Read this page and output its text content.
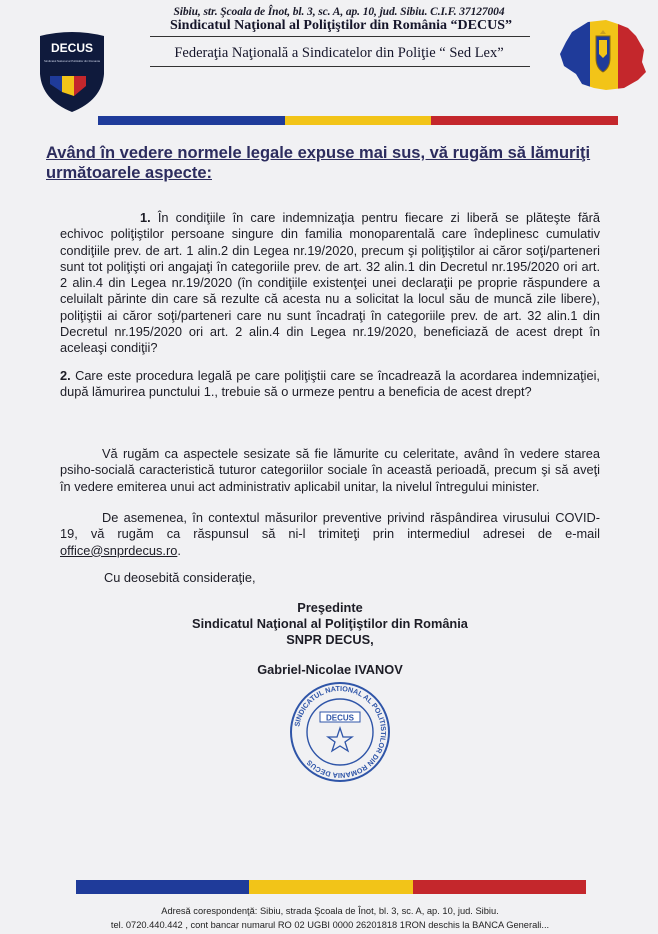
DECUS
Sindicatul National al Politistilor din Romania
Sibiu, str. Şcoala de Înot, bl. 3, sc. A, ap. 10, jud. Sibiu. C.I.F. 37127004
Sindicatul Naţional al Poliţiştilor din România “DECUS”
Federaţia Naţională a Sindicatelor din Poliţie “ Sed Lex”
Având în vedere normele legale expuse mai sus, vă rugăm să lămuriţi următoarele aspecte:
1. În condiţiile în care indemnizaţia pentru fiecare zi liberă se plăteşte fără echivoc poliţiştilor persoane singure din familia monoparentală care îndeplinesc cumulativ condiţiile prev. de art. 1 alin.2 din Legea nr.19/2020, precum şi poliţiştilor ai căror soţi/parteneri sunt tot poliţişti ori angajaţi în categoriile prev. de art. 32 alin.1 din Decretul nr.195/2020 ori art. 2 alin.4 din Legea nr.19/2020 (în condiţiile existenţei unei declaraţii pe proprie răspundere a celuilalt părinte din care să rezulte că acesta nu a solicitat la locul său de muncă zile libere), poliţiştii ai căror soţi/parteneri care nu sunt încadraţi în categoriile prev. de art. 32 alin.1 din Decretul nr.195/2020 ori art. 2 alin.4 din Legea nr.19/2020, beneficiază de acest drept în aceleaşi condiţii?
2. Care este procedura legală pe care poliţiştii care se încadrează la acordarea indemnizaţiei, după lămurirea punctului 1., trebuie să o urmeze pentru a beneficia de acest drept?
Vă rugăm ca aspectele sesizate să fie lămurite cu celeritate, având în vedere starea psiho-socială caracteristică tuturor categoriilor sociale în această perioadă, precum şi să aveţi în vedere emiterea unui act administrativ aplicabil unitar, la nivelul întregului minister.
De asemenea, în contextul măsurilor preventive privind răspândirea virusului COVID-19, vă rugăm ca răspunsul să ni-l trimiteţi prin intermediul adresei de e-mail office@snprdecus.ro.
Cu deosebită consideraţie,
Preşedinte
Sindicatul Naţional al Poliţiştilor din România
SNPR DECUS,
Gabriel-Nicolae IVANOV
SINDICATUL NATIONAL AL POLITISTILOR DIN ROMANIA DECUS
DECUS
Adresă corespondenţă: Sibiu, strada Şcoala de Înot, bl. 3, sc. A, ap. 10, jud. Sibiu.
tel. 0720.440.442 , cont bancar numarul RO 02 UGBI 0000 26201818 1RON deschis la BANCA Generali...
